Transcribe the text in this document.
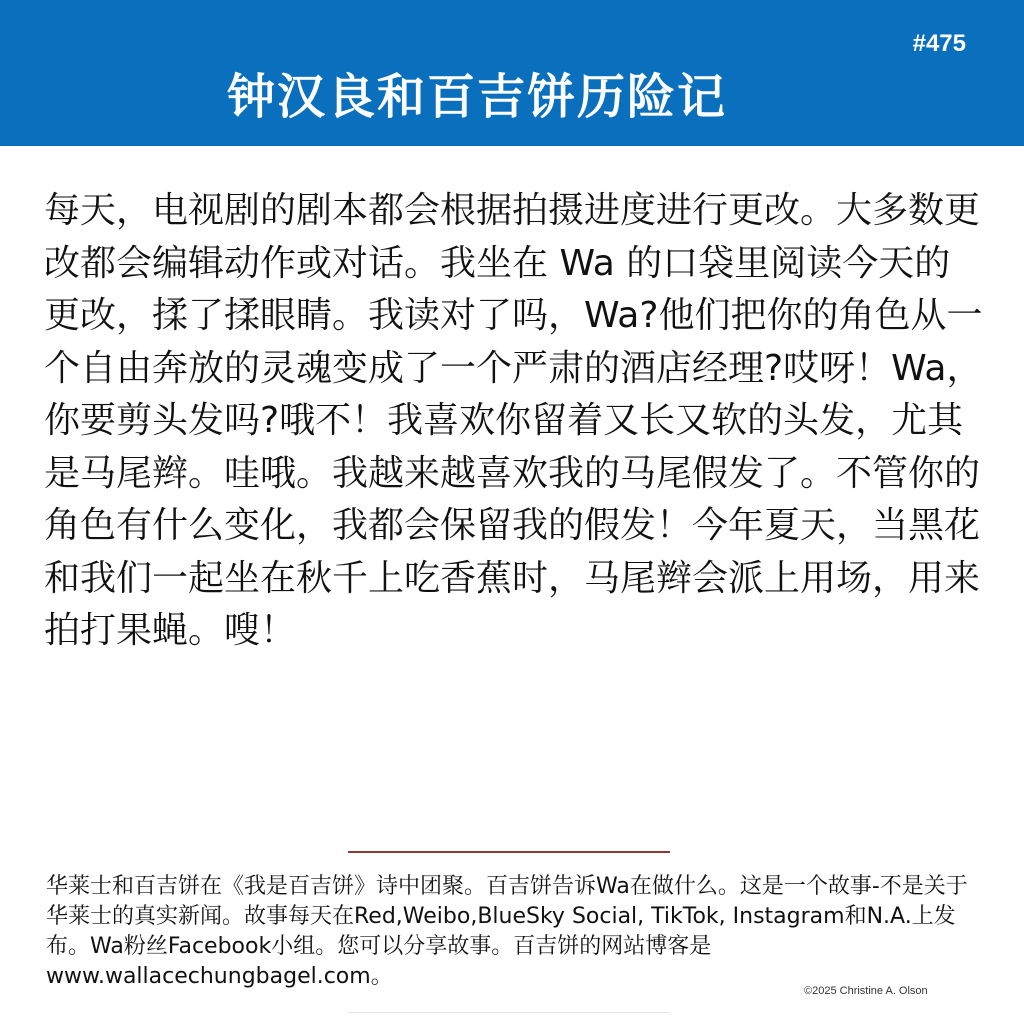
#475
钟汉良和百吉饼历险记

每天，电视剧的剧本都会根据拍摄进度进行更改。大多数更改都会编辑动作或对话。我坐在 Wa 的口袋里阅读今天的更改，揉了揉眼睛。我读对了吗，Wa?他们把你的角色从一个自由奔放的灵魂变成了一个严肃的酒店经理?哎呀！Wa，你要剪头发吗?哦不！我喜欢你留着又长又软的头发，尤其是马尾辫。哇哦。我越来越喜欢我的马尾假发了。不管你的角色有什么变化，我都会保留我的假发！今年夏天，当黑花和我们一起坐在秋千上吃香蕉时，马尾辫会派上用场，用来拍打果蝇。嗖！

华莱士和百吉饼在《我是百吉饼》诗中团聚。百吉饼告诉Wa在做什么。这是一个故事-不是关于华莱士的真实新闻。故事每天在Red,Weibo,BlueSky Social, TikTok, Instagram和N.A.上发布。Wa粉丝Facebook小组。您可以分享故事。百吉饼的网站博客是www.wallacechungbagel.com。

©2025 Christine A. Olson
